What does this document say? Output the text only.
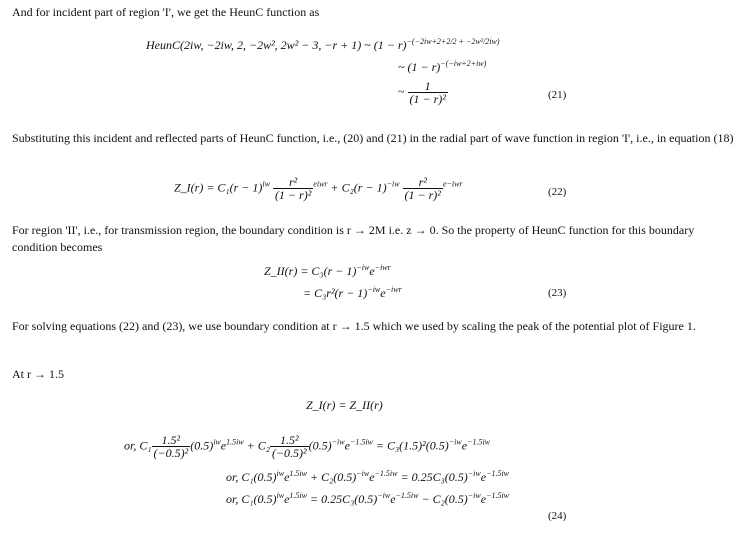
And for incident part of region 'I', we get the HeunC function as
HeunC(2iw, −2iw, 2, −2w², 2w² − 3, −r + 1) ~ $(1 - r)^{-(-2iw+2+2/2 + -2w^2/2iw)}$
~ $(1 - r)^{-(-iw+2+iw)}$
~ $\frac{1}{\text{(1 − r)²}}$	(21)
Substituting this incident and reflected parts of HeunC function, i.e., (20) and (21) in the radial part of wave function in region 'I', i.e., in equation (18)
Z_I(r) = $C_1(r - 1)^{iw} \frac{\text{r²}}{\text{(1 − r)²}} ^{eiwr} + C_2(r - 1)^{-iw} \frac{\text{r²}}{\text{(1 − r)²}} ^{e-iwr}$
(22)
For region 'II', i.e., for transmission region, the boundary condition is r → 2M i.e. z → 0. So the property of HeunC function for this boundary condition becomes
Z_II(r) = $C_3(r - 1)^{-iw}e^{-iwr}$
= $C_3r^2(r - 1)^{-iw}e^{-iwr}$	(23)
For solving equations (22) and (23), we use boundary condition at r → 1.5 which we used by scaling the peak of the potential plot of Figure 1.
At r → 1.5
Z_I(r) = Z_II(r)
or, $C_1 \frac{\text{1.5²}}{\text{(−0.5)²}} (0.5)^{iw}e^{1.5iw} + C_2 \frac{\text{1.5²}}{\text{(−0.5)²}} (0.5)^{-iw}e^{-1.5iw} = C_3(1.5)^2(0.5)^{-iw}e^{-1.5iw}$
or, $C_1(0.5)^{iw}e^{1.5iw} + C_2(0.5)^{-iw}e^{-1.5iw} = 0.25C_3(0.5)^{-iw}e^{-1.5iw}$
or, $C_1(0.5)^{iw}e^{1.5iw} = 0.25C_3(0.5)^{-iw}e^{-1.5iw} - C_2(0.5)^{-iw}e^{-1.5iw}$
(24)
